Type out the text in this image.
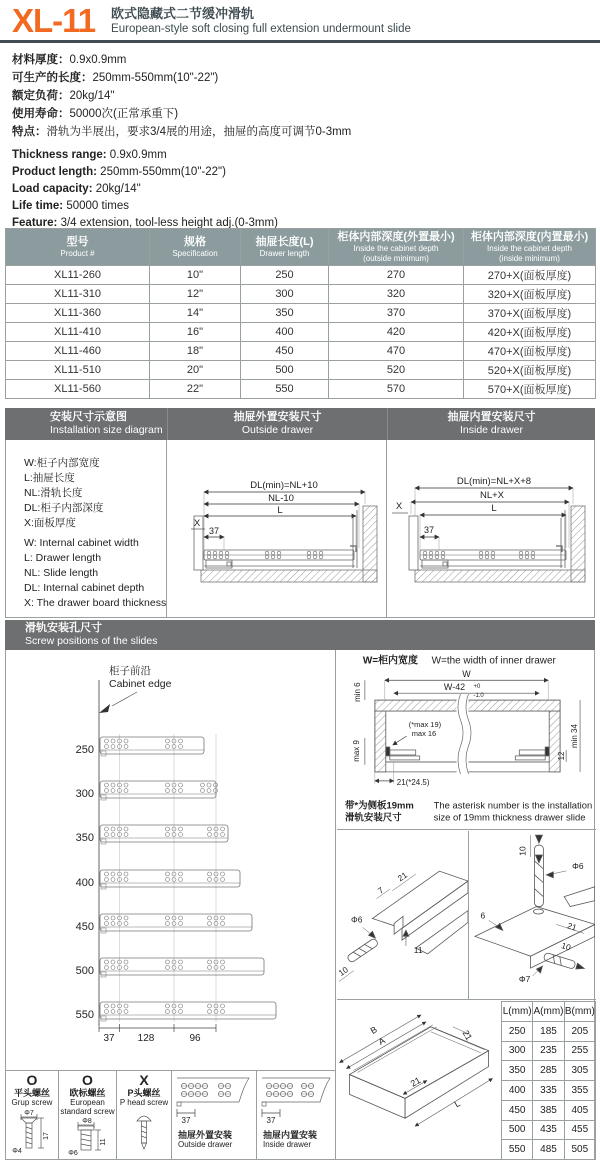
XL-11 欧式隐藏式二节缓冲滑轨
European-style soft closing full extension undermount slide
材料厚度：0.9x0.9mm
可生产的长度：250mm-550mm(10"-22")
额定负荷：20kg/14"
使用寿命：50000次(正常承重下)
特点：滑轨为半展出，要求3/4展的用途，抽屉的高度可调节0-3mm
Thickness range: 0.9x0.9mm
Product length: 250mm-550mm(10"-22")
Load capacity: 20kg/14"
Life time: 50000 times
Feature: 3/4 extension, tool-less height adj.(0-3mm)
型号
Product #

规格
Specification

抽屉长度(L)
Drawer length

柜体内部深度(外置最小)
Inside the cabinet depth
(outside minimum)

柜体内部深度(内置最小)
Inside the cabinet depth
(inside minimum)

XL11-260	10"	250	270	270+X(面板厚度)
XL11-310	12"	300	320	320+X(面板厚度)
XL11-360	14"	350	370	370+X(面板厚度)
XL11-410	16"	400	420	420+X(面板厚度)
XL11-460	18"	450	470	470+X(面板厚度)
XL11-510	20"	500	520	520+X(面板厚度)
XL11-560	22"	550	570	570+X(面板厚度)
安装尺寸示意图
Installation size diagram
抽屉外置安装尺寸
Outside drawer
抽屉内置安装尺寸
Inside drawer
W:柜子内部宽度
L:抽屉长度
NL:滑轨长度
DL:柜子内部深度
X:面板厚度
W: Internal cabinet width
L: Drawer length
NL: Slide length
DL: Internal cabinet depth
X: The drawer board thickness
DL(min)=NL+10
NL-10
L
X
37
DL(min)=NL+X+8
NL+X
L
X
37
滑轨安装孔尺寸
Screw positions of the slides
柜子前沿
Cabinet edge
250
300
350
400
450
500
550
37 128	96
O
平头螺丝
Grup screw
Φ7
17
Φ4
O
欧标螺丝
European
standard screw
Φ8
11
Φ6
X
P头螺丝
P head screw
37
抽屉外置安装
Outside drawer
37
抽屉内置安装
Inside drawer
W=柜内宽度 W=the width of inner drawer
W
W-42 +0
-1.0
min 6
max 9
(*max 19)
max 16
12
min 34
21(*24.5)
带*为侧板19mm
滑轨安装尺寸
The asterisk number is the installation
size of 19mm thickness drawer slide
21
7
Φ6
11
10
10
Φ6
6
21
10
Φ7
B
A	21
21
L
L(mm)	A(mm)	B(mm)
250	185	205
300	235	255
350	285	305
400	335	355
450	385	405
500	435	455
550	485	505
